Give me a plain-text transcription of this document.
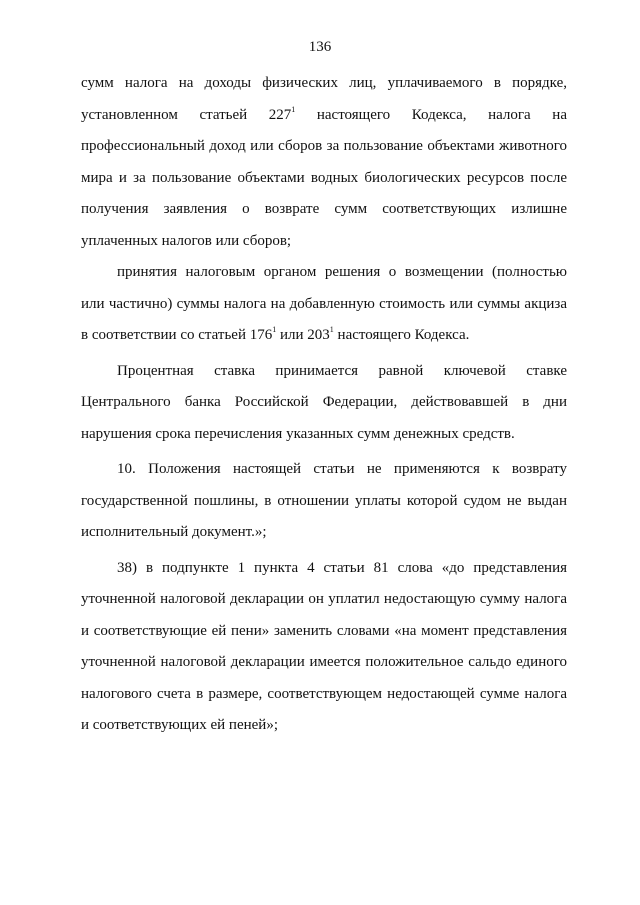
136
сумм налога на доходы физических лиц, уплачиваемого в порядке,
установленном статьей $227^1$ настоящего Кодекса, налога на
профессиональный доход или сборов за пользование объектами животного
мира и за пользование объектами водных биологических ресурсов после
получения заявления о возврате сумм соответствующих излишне
уплаченных налогов или сборов;
принятия налоговым органом решения о возмещении (полностью
или частично) суммы налога на добавленную стоимость или суммы акциза
в соответствии со статьей $176^1$ или $203^1$ настоящего Кодекса.
Процентная ставка принимается равной ключевой ставке
Центрального банка Российской Федерации, действовавшей в дни
нарушения срока перечисления указанных сумм денежных средств.
10. Положения настоящей статьи не применяются к возврату
государственной пошлины, в отношении уплаты которой судом не выдан
исполнительный документ.»;
38) в подпункте 1 пункта 4 статьи 81 слова «до представления
уточненной налоговой декларации он уплатил недостающую сумму налога
и соответствующие ей пени» заменить словами «на момент представления
уточненной налоговой декларации имеется положительное сальдо единого
налогового счета в размере, соответствующем недостающей сумме налога
и соответствующих ей пеней»;
